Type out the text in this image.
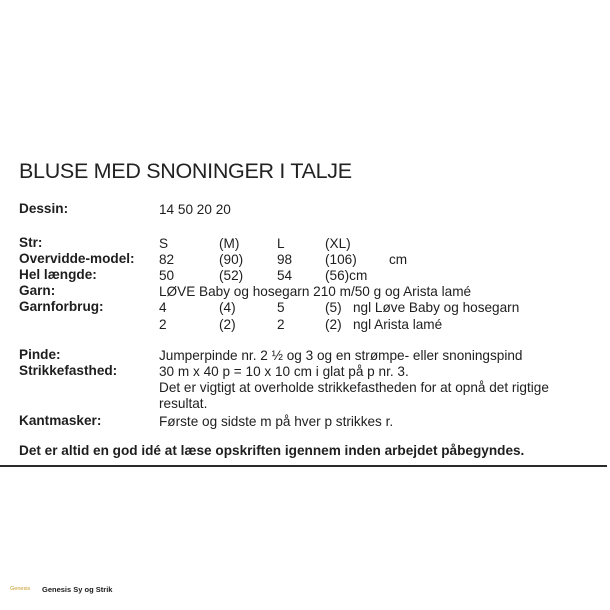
BLUSE MED SNONINGER I TALJE
Dessin:	14 50 20 20
Str:	S	(M)	L	(XL)
Overvidde-model: 82	(90) 98 (106) cm
Hel længde:	50	(52) 54 (56)cm
Garn:	LØVE Baby og hosegarn 210 m/50 g og Arista lamé
Garnforbrug:	4	(4)	5	(5) ngl Løve Baby og hosegarn
2	(2)	2	(2) ngl Arista lamé
Pinde:	Jumperpinde nr. 2 ½ og 3 og en strømpe- eller snoningspind
Strikkefasthed:	30 m x 40 p = 10 x 10 cm i glat på p nr. 3.
Det er vigtigt at overholde strikkefastheden for at opnå det rigtige
resultat.
Kantmasker:	Første og sidste m på hver p strikkes r.
Det er altid en god idé at læse opskriften igennem inden arbejdet påbegyndes.
Genesis Genesis Sy og Strik
